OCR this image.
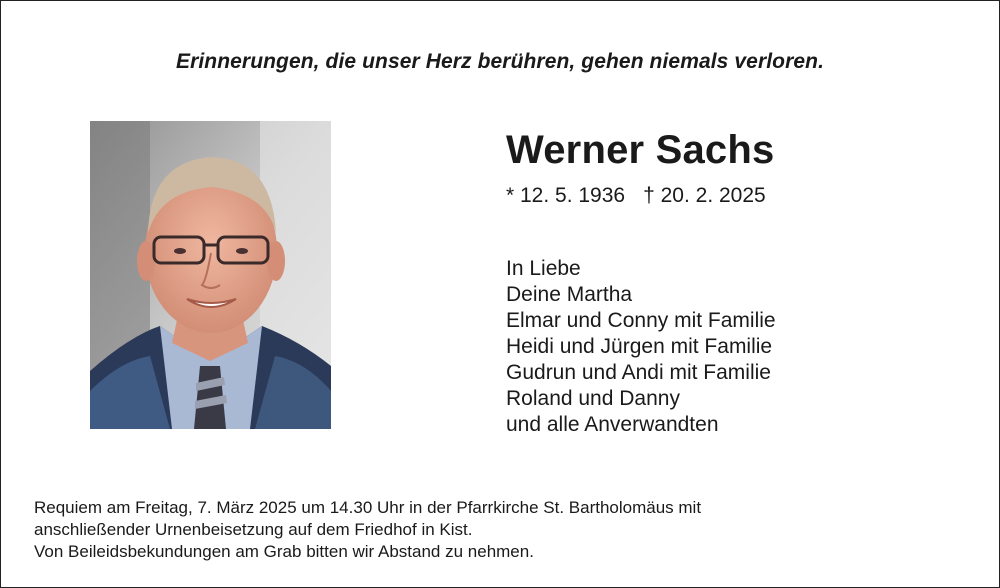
Erinnerungen, die unser Herz berühren, gehen niemals verloren.
Werner Sachs
* 12. 5. 1936 † 20. 2. 2025
In Liebe
Deine Martha
Elmar und Conny mit Familie
Heidi und Jürgen mit Familie
Gudrun und Andi mit Familie
Roland und Danny
und alle Anverwandten
Requiem am Freitag, 7. März 2025 um 14.30 Uhr in der Pfarrkirche St. Bartholomäus mit
anschließender Urnenbeisetzung auf dem Friedhof in Kist.
Von Beileidsbekundungen am Grab bitten wir Abstand zu nehmen.
